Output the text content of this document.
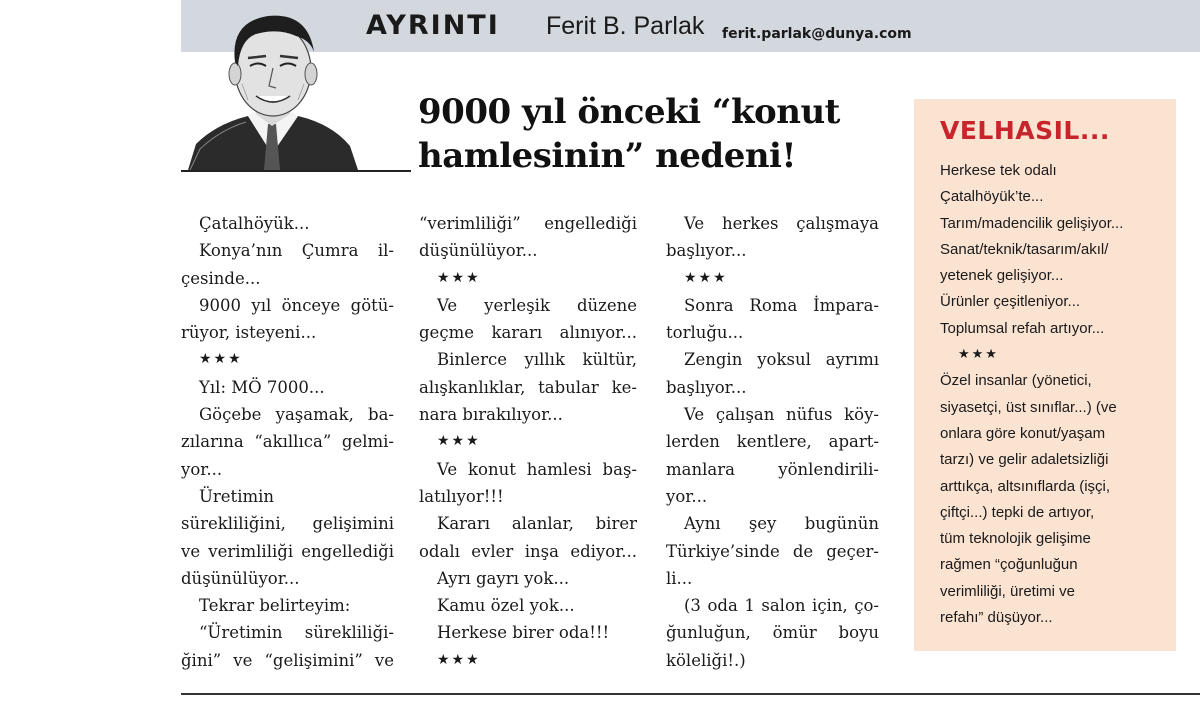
AYRINTI Ferit B. Parlak ferit.parlak@dunya.com
9000 yıl önceki “konut
hamlesinin” nedeni!
Çatalhöyük...
Konya’nın Çumra il-
çesinde...
9000 yıl önceye götü-
rüyor, isteyeni...
★★★
Yıl: MÖ 7000...
Göçebe yaşamak, ba-
zılarına “akıllıca” gelmi-
yor...
Üretimin
sürekliliğini, gelişimini
ve verimliliği engellediği
düşünülüyor...
Tekrar belirteyim:
“Üretimin sürekliliği-
ğini” ve “gelişimini” ve
“verimliliği” engellediği
düşünülüyor...
★★★
Ve yerleşik düzene
geçme kararı alınıyor...
Binlerce yıllık kültür,
alışkanlıklar, tabular ke-
nara bırakılıyor...
★★★
Ve konut hamlesi baş-
latılıyor!!!
Kararı alanlar, birer
odalı evler inşa ediyor...
Ayrı gayrı yok...
Kamu özel yok...
Herkese birer oda!!!
★★★
Ve herkes çalışmaya
başlıyor...
★★★
Sonra Roma İmpara-
torluğu...
Zengin yoksul ayrımı
başlıyor...
Ve çalışan nüfus köy-
lerden kentlere, apart-
manlara yönlendirili-
yor...
Aynı şey bugünün
Türkiye’sinde de geçer-
li...
(3 oda 1 salon için, ço-
ğunluğun, ömür boyu
köleliği!.)
VELHASIL...
Herkese tek odalı
Çatalhöyük’te...
Tarım/madencilik gelişiyor...
Sanat/teknik/tasarım/akıl/
yetenek gelişiyor...
Ürünler çeşitleniyor...
Toplumsal refah artıyor...
★★★
Özel insanlar (yönetici,
siyasetçi, üst sınıflar...) (ve
onlara göre konut/yaşam
tarzı) ve gelir adaletsizliği
arttıkça, altsınıflarda (işçi,
çiftçi...) tepki de artıyor,
tüm teknolojik gelişime
rağmen “çoğunluğun
verimliliği, üretimi ve
refahı” düşüyor...
